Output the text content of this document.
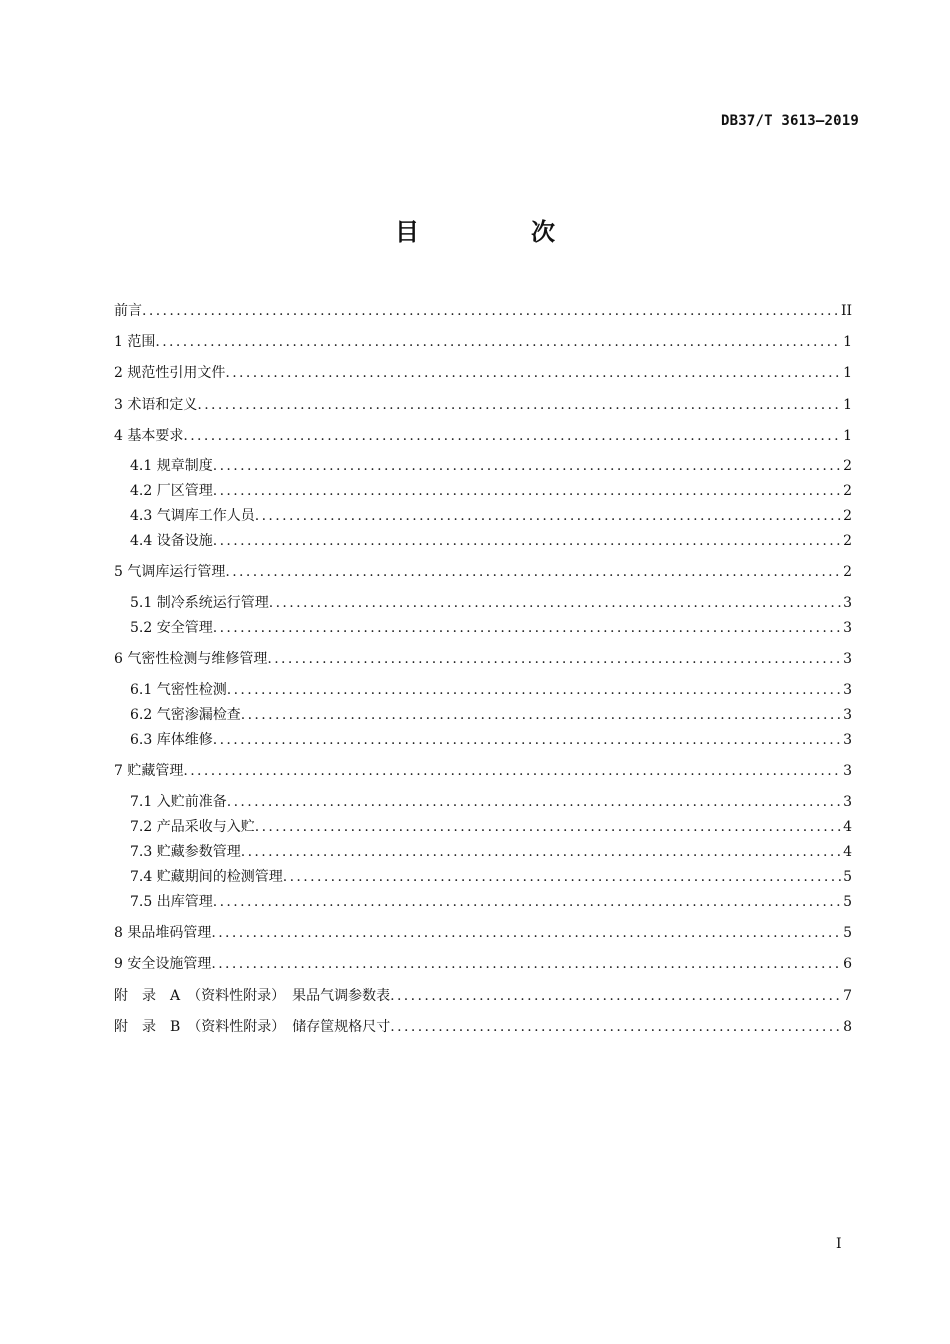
DB37/T 3613—2019
目　次
前言 .....	II
1 范围 .....	1
2 规范性引用文件 .....	1
3 术语和定义 .....	1
4 基本要求 .....	1
4.1 规章制度 .....	2
4.2 厂区管理 .....	2
4.3 气调库工作人员 .....	2
4.4 设备设施 .....	2
5 气调库运行管理 .....	2
5.1 制冷系统运行管理 .....	3
5.2 安全管理 .....	3
6 气密性检测与维修管理 .....	3
6.1 气密性检测 .....	3
6.2 气密渗漏检查 .....	3
6.3 库体维修 .....	3
7 贮藏管理 .....	3
7.1 入贮前准备 .....	3
7.2 产品采收与入贮 .....	4
7.3 贮藏参数管理 .....	4
7.4 贮藏期间的检测管理 .....	5
7.5 出库管理 .....	5
8 果品堆码管理 .....	5
9 安全设施管理 .....	6
附　录　A　（资料性附录）　果品气调参数表 .....	7
附　录　B　（资料性附录）　储存筐规格尺寸 .....	8
I
